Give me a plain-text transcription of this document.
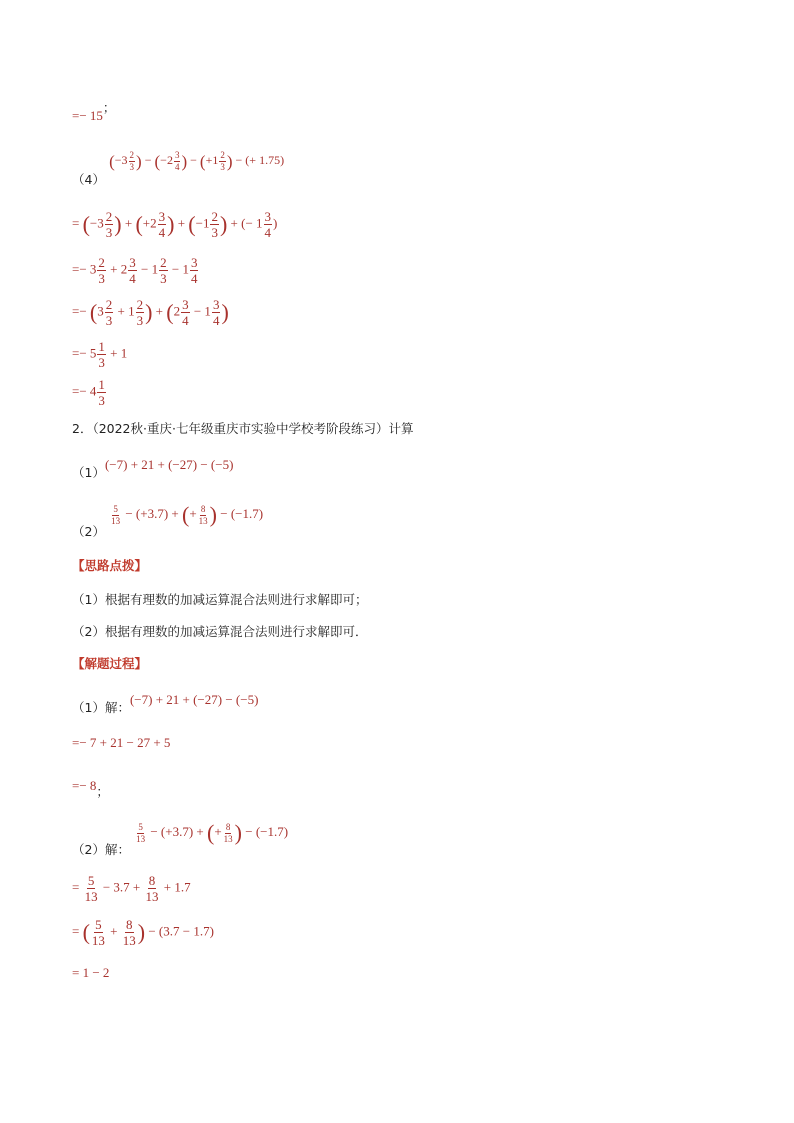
=− 15；
（4） ($-3 \frac{2}{3}$ ) − ($-2 \frac{3}{4}$ ) − ($+1 \frac{2}{3}$ ) − (+ 1.75)
= ($-3 \frac{2}{3}$ ) + ($+2 \frac{3}{4}$ ) + ($-1 \frac{2}{3}$ ) + (− $1 \frac{3}{4}$ )
=− $3 \frac{2}{3} + 2 \frac{3}{4} - 1 \frac{2}{3} - 1 \frac{3}{4}$
=− ($3 \frac{2}{3} + 1 \frac{2}{3}$ ) + ($2 \frac{3}{4} - 1 \frac{3}{4}$ )
=− $5 \frac{1}{3} + 1$
=− $4 \frac{1}{3}$
2．（2022秋·重庆·七年级重庆市实验中学校考阶段练习）计算
（1）(−7) + 21 + (−27) − (−5)
（2）
$\frac{5}{13} - (+3.7)$ + (+ $\frac{8}{13}$ ) − (−1.7)
【思路点拨】
（1）根据有理数的加减运算混合法则进行求解即可；
（2）根据有理数的加减运算混合法则进行求解即可．
【解题过程】
（1）解：(−7) + 21 + (−27) − (−5)
=− 7 + 21 − 27 + 5
=− 8；
（2）解：
$\frac{5}{13} - (+3.7)$ + (+ $\frac{8}{13}$ ) − (−1.7)
= $\frac{5}{13} - 3.7 + \frac{8}{13} + 1.7$
= ( $\frac{5}{13} + \frac{8}{13}$ ) − (3.7 − 1.7)
= 1 − 2
